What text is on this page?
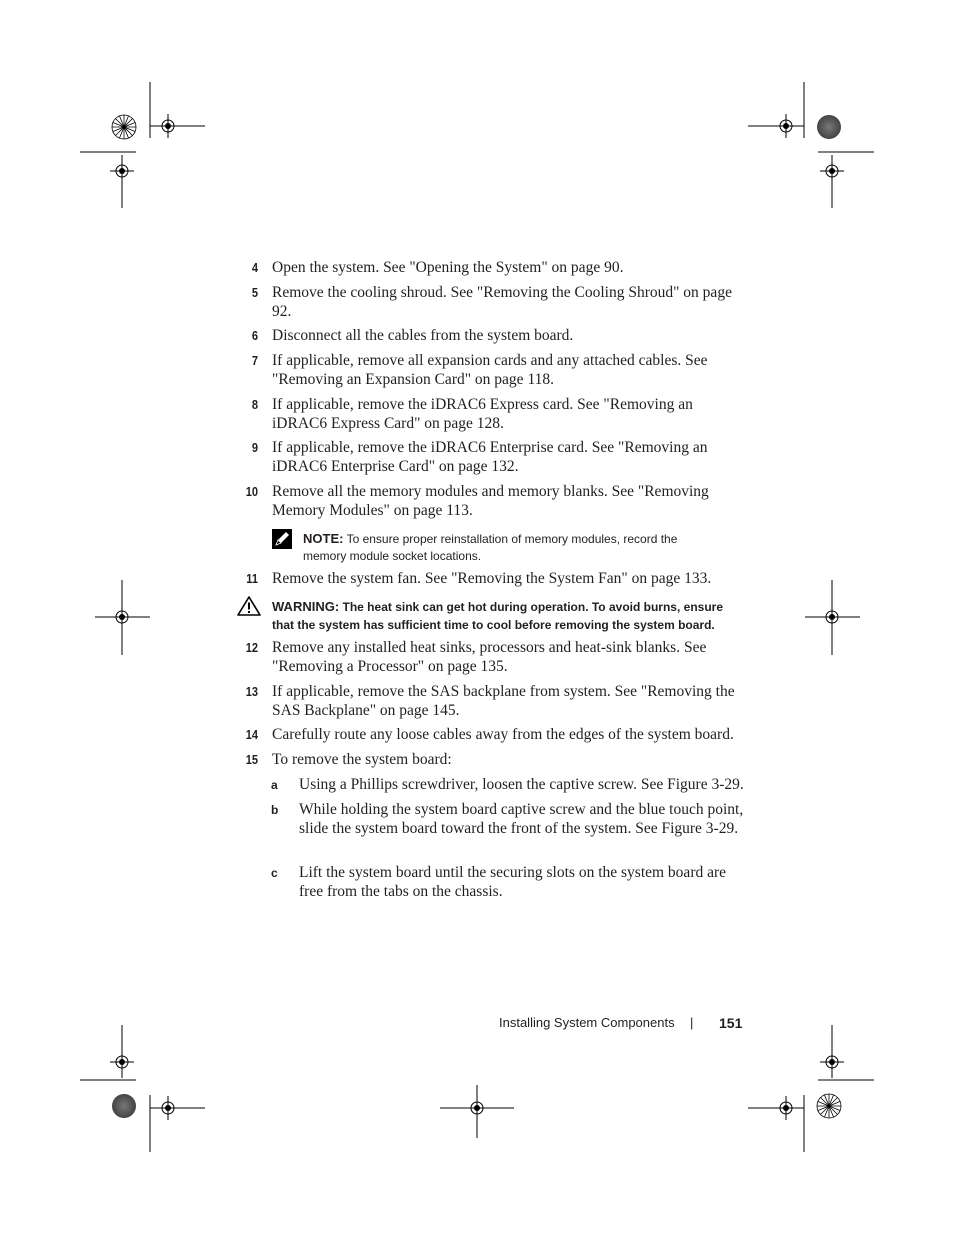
4 Open the system. See "Opening the System" on page 90.
5 Remove the cooling shroud. See "Removing the Cooling Shroud" on page 92.
6 Disconnect all the cables from the system board.
7 If applicable, remove all expansion cards and any attached cables. See "Removing an Expansion Card" on page 118.
8 If applicable, remove the iDRAC6 Express card. See "Removing an iDRAC6 Express Card" on page 128.
9 If applicable, remove the iDRAC6 Enterprise card. See "Removing an iDRAC6 Enterprise Card" on page 132.
10 Remove all the memory modules and memory blanks. See "Removing Memory Modules" on page 113.
NOTE: To ensure proper reinstallation of memory modules, record the memory module socket locations.
11 Remove the system fan. See "Removing the System Fan" on page 133.
WARNING: The heat sink can get hot during operation. To avoid burns, ensure that the system has sufficient time to cool before removing the system board.
12 Remove any installed heat sinks, processors and heat-sink blanks. See "Removing a Processor" on page 135.
13 If applicable, remove the SAS backplane from system. See "Removing the SAS Backplane" on page 145.
14 Carefully route any loose cables away from the edges of the system board.
15 To remove the system board:
a Using a Phillips screwdriver, loosen the captive screw. See Figure 3-29.
b While holding the system board captive screw and the blue touch point, slide the system board toward the front of the system. See Figure 3-29.
c Lift the system board until the securing slots on the system board are free from the tabs on the chassis.
Installing System Components | 151
